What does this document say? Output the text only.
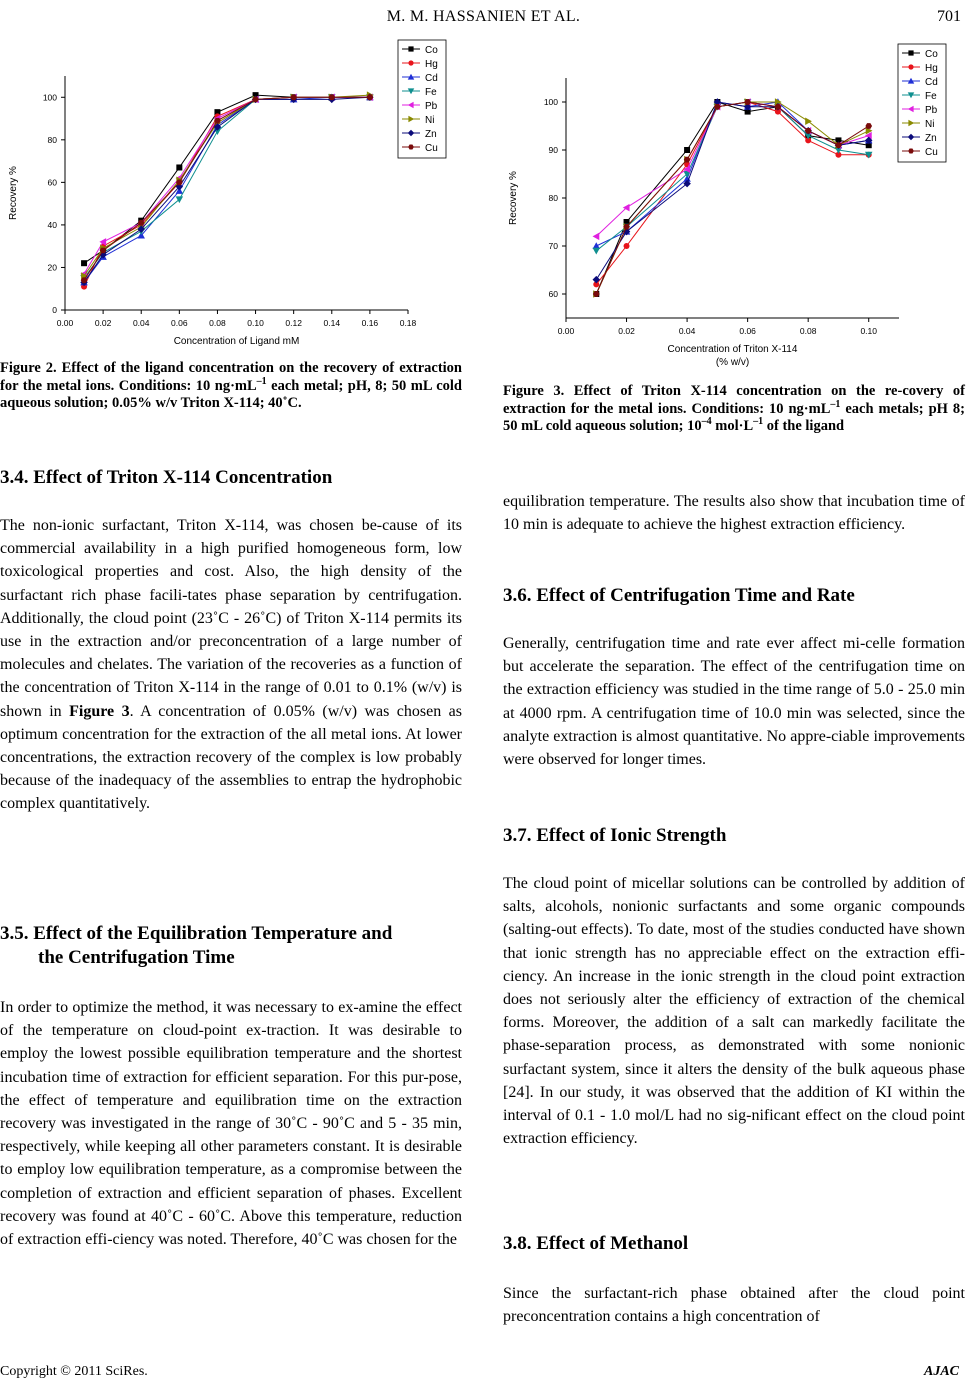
M. M. HASSANIEN ET AL.	701
0.00	0.02	0.04	0.06	0.08	0.10	0.12	0.14	0.16	0.18
0
20
40
60
80
100
Concentration of Ligand mM
Recovery %
Co
Hg
Cd
Fe
Pb
Ni
Zn
Cu
0.00	0.02	0.04	0.06	0.08	0.10
60
70
80
90
100
Concentration of Triton X-114
(% w/v)
Recovery %
Co
Hg
Cd
Fe
Pb
Ni
Zn
Cu
Figure 2. Effect of the ligand concentration on the recovery of extraction for the metal ions. Conditions: 10 $ng\cdot mL^{-1}$ each metal; pH, 8; 50 mL cold aqueous solution; 0.05% w/v Triton X-114; 40˚C.
3.4. Effect of Triton X-114 Concentration
The non-ionic surfactant, Triton X-114, was chosen be-cause of its commercial availability in a high purified homogeneous form, low toxicological properties and cost. Also, the high density of the surfactant rich phase facili-tates phase separation by centrifugation. Additionally, the cloud point (23˚C - 26˚C) of Triton X-114 permits its use in the extraction and/or preconcentration of a large number of molecules and chelates. The variation of the recoveries as a function of the concentration of Triton X-114 in the range of 0.01 to 0.1% (w/v) is shown in Figure 3. A concentration of 0.05% (w/v) was chosen as optimum concentration for the extraction of the all metal ions. At lower concentrations, the extraction recovery of the complex is low probably because of the inadequacy of the assemblies to entrap the hydrophobic complex quantitatively.
3.5. Effect of the Equilibration Temperature and
the Centrifugation Time
In order to optimize the method, it was necessary to ex-amine the effect of the temperature on cloud-point ex-traction. It was desirable to employ the lowest possible equilibration temperature and the shortest incubation time of extraction for efficient separation. For this pur-pose, the effect of temperature and equilibration time on the extraction recovery was investigated in the range of 30˚C - 90˚C and 5 - 35 min, respectively, while keeping all other parameters constant. It is desirable to employ low equilibration temperature, as a compromise between the completion of extraction and efficient separation of phases. Excellent recovery was found at 40˚C - 60˚C. Above this temperature, reduction of extraction effi-ciency was noted. Therefore, 40˚C was chosen for the
Figure 3. Effect of Triton X-114 concentration on the re-covery of extraction for the metal ions. Conditions: 10 $ng\cdot mL^{-1}$ each metals; pH 8; 50 mL cold aqueous solution; $10^{-4}$ $mol\cdot L^{-1}$ of the ligand
equilibration temperature. The results also show that incubation time of 10 min is adequate to achieve the highest extraction efficiency.
3.6. Effect of Centrifugation Time and Rate
Generally, centrifugation time and rate ever affect mi-celle formation but accelerate the separation. The effect of the centrifugation time on the extraction efficiency was studied in the time range of 5.0 - 25.0 min at 4000 rpm. A centrifugation time of 10.0 min was selected, since the analyte extraction is almost quantitative. No appre-ciable improvements were observed for longer times.
3.7. Effect of Ionic Strength
The cloud point of micellar solutions can be controlled by addition of salts, alcohols, nonionic surfactants and some organic compounds (salting-out effects). To date, most of the studies conducted have shown that ionic strength has no appreciable effect on the extraction effi-ciency. An increase in the ionic strength in the cloud point extraction does not seriously alter the efficiency of extraction of the chemical forms. Moreover, the addition of a salt can markedly facilitate the phase-separation process, as demonstrated with some nonionic surfactant system, since it alters the density of the bulk aqueous phase [24]. In our study, it was observed that the addition of KI within the interval of 0.1 - 1.0 mol/L had no sig-nificant effect on the cloud point extraction efficiency.
3.8. Effect of Methanol
Since the surfactant-rich phase obtained after the cloud point preconcentration contains a high concentration of
Copyright © 2011 SciRes.	AJAC
